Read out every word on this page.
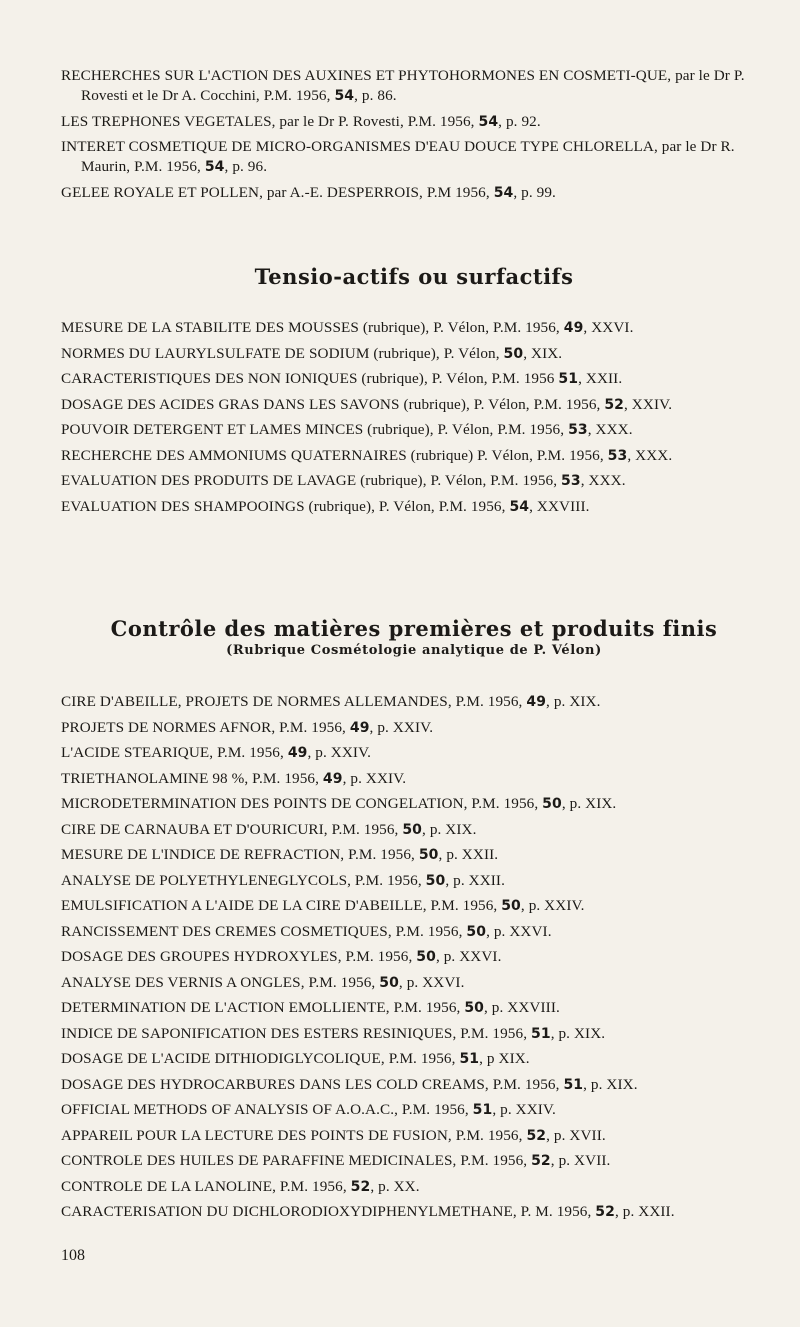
RECHERCHES SUR L'ACTION DES AUXINES ET PHYTOHORMONES EN COSMETI-QUE, par le Dr P. Rovesti et le Dr A. Cocchini, P.M. 1956, 54, p. 86.

LES TREPHONES VEGETALES, par le Dr P. Rovesti, P.M. 1956, 54, p. 92.

INTERET COSMETIQUE DE MICRO-ORGANISMES D'EAU DOUCE TYPE CHLORELLA, par le Dr R. Maurin, P.M. 1956, 54, p. 96.

GELEE ROYALE ET POLLEN, par A.-E. DESPERROIS, P.M 1956, 54, p. 99.

Tensio-actifs ou surfactifs

MESURE DE LA STABILITE DES MOUSSES (rubrique), P. Vélon, P.M. 1956, 49, XXVI.

NORMES DU LAURYLSULFATE DE SODIUM (rubrique), P. Vélon, 50, XIX.

CARACTERISTIQUES DES NON IONIQUES (rubrique), P. Vélon, P.M. 1956 51, XXII.

DOSAGE DES ACIDES GRAS DANS LES SAVONS (rubrique), P. Vélon, P.M. 1956, 52, XXIV.

POUVOIR DETERGENT ET LAMES MINCES (rubrique), P. Vélon, P.M. 1956, 53, XXX.

RECHERCHE DES AMMONIUMS QUATERNAIRES (rubrique) P. Vélon, P.M. 1956, 53, XXX.

EVALUATION DES PRODUITS DE LAVAGE (rubrique), P. Vélon, P.M. 1956, 53, XXX.

EVALUATION DES SHAMPOOINGS (rubrique), P. Vélon, P.M. 1956, 54, XXVIII.

Contrôle des matières premières et produits finis
(Rubrique Cosmétologie analytique de P. Vélon)

CIRE D'ABEILLE, PROJETS DE NORMES ALLEMANDES, P.M. 1956, 49, p. XIX.

PROJETS DE NORMES AFNOR, P.M. 1956, 49, p. XXIV.

L'ACIDE STEARIQUE, P.M. 1956, 49, p. XXIV.

TRIETHANOLAMINE 98 %, P.M. 1956, 49, p. XXIV.

MICRODETERMINATION DES POINTS DE CONGELATION, P.M. 1956, 50, p. XIX.

CIRE DE CARNAUBA ET D'OURICURI, P.M. 1956, 50, p. XIX.

MESURE DE L'INDICE DE REFRACTION, P.M. 1956, 50, p. XXII.

ANALYSE DE POLYETHYLENEGLYCOLS, P.M. 1956, 50, p. XXII.

EMULSIFICATION A L'AIDE DE LA CIRE D'ABEILLE, P.M. 1956, 50, p. XXIV.

RANCISSEMENT DES CREMES COSMETIQUES, P.M. 1956, 50, p. XXVI.

DOSAGE DES GROUPES HYDROXYLES, P.M. 1956, 50, p. XXVI.

ANALYSE DES VERNIS A ONGLES, P.M. 1956, 50, p. XXVI.

DETERMINATION DE L'ACTION EMOLLIENTE, P.M. 1956, 50, p. XXVIII.

INDICE DE SAPONIFICATION DES ESTERS RESINIQUES, P.M. 1956, 51, p. XIX.

DOSAGE DE L'ACIDE DITHIODIGLYCOLIQUE, P.M. 1956, 51, p XIX.

DOSAGE DES HYDROCARBURES DANS LES COLD CREAMS, P.M. 1956, 51, p. XIX.

OFFICIAL METHODS OF ANALYSIS OF A.O.A.C., P.M. 1956, 51, p. XXIV.

APPAREIL POUR LA LECTURE DES POINTS DE FUSION, P.M. 1956, 52, p. XVII.

CONTROLE DES HUILES DE PARAFFINE MEDICINALES, P.M. 1956, 52, p. XVII.

CONTROLE DE LA LANOLINE, P.M. 1956, 52, p. XX.

CARACTERISATION DU DICHLORODIOXYDIPHENYLMETHANE, P. M. 1956, 52, p. XXII.

108
